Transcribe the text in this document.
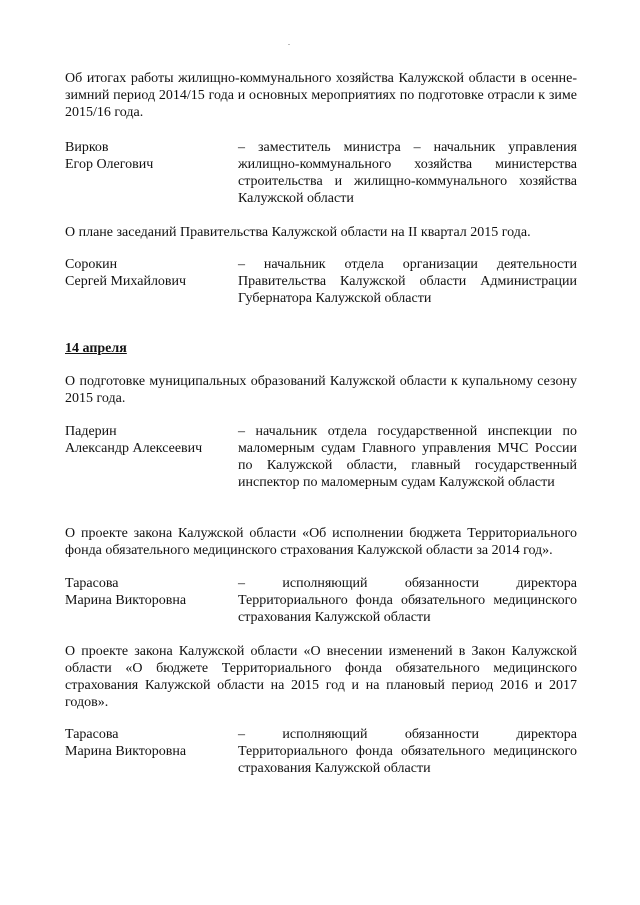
Об итогах работы жилищно-коммунального хозяйства Калужской области в осенне-зимний период 2014/15 года и основных мероприятиях по подготовке отрасли к зиме 2015/16 года.
Вирков
Егор Олегович
– заместитель министра – начальник управления жилищно-коммунального хозяйства министерства строительства и жилищно-коммунального хозяйства Калужской области
О плане заседаний Правительства Калужской области на II квартал 2015 года.
Сорокин
Сергей Михайлович
– начальник отдела организации деятельности Правительства Калужской области Администрации Губернатора Калужской области
14 апреля
О подготовке муниципальных образований Калужской области к купальному сезону 2015 года.
Падерин
Александр Алексеевич
– начальник отдела государственной инспекции по маломерным судам Главного управления МЧС России по Калужской области, главный государственный инспектор по маломерным судам Калужской области
О проекте закона Калужской области «Об исполнении бюджета Территориального фонда обязательного медицинского страхования Калужской области за 2014 год».
Тарасова
Марина Викторовна
– исполняющий обязанности директора Территориального фонда обязательного медицинского страхования Калужской области
О проекте закона Калужской области «О внесении изменений в Закон Калужской области «О бюджете Территориального фонда обязательного медицинского страхования Калужской области на 2015 год и на плановый период 2016 и 2017 годов».
Тарасова
Марина Викторовна
– исполняющий обязанности директора Территориального фонда обязательного медицинского страхования Калужской области
